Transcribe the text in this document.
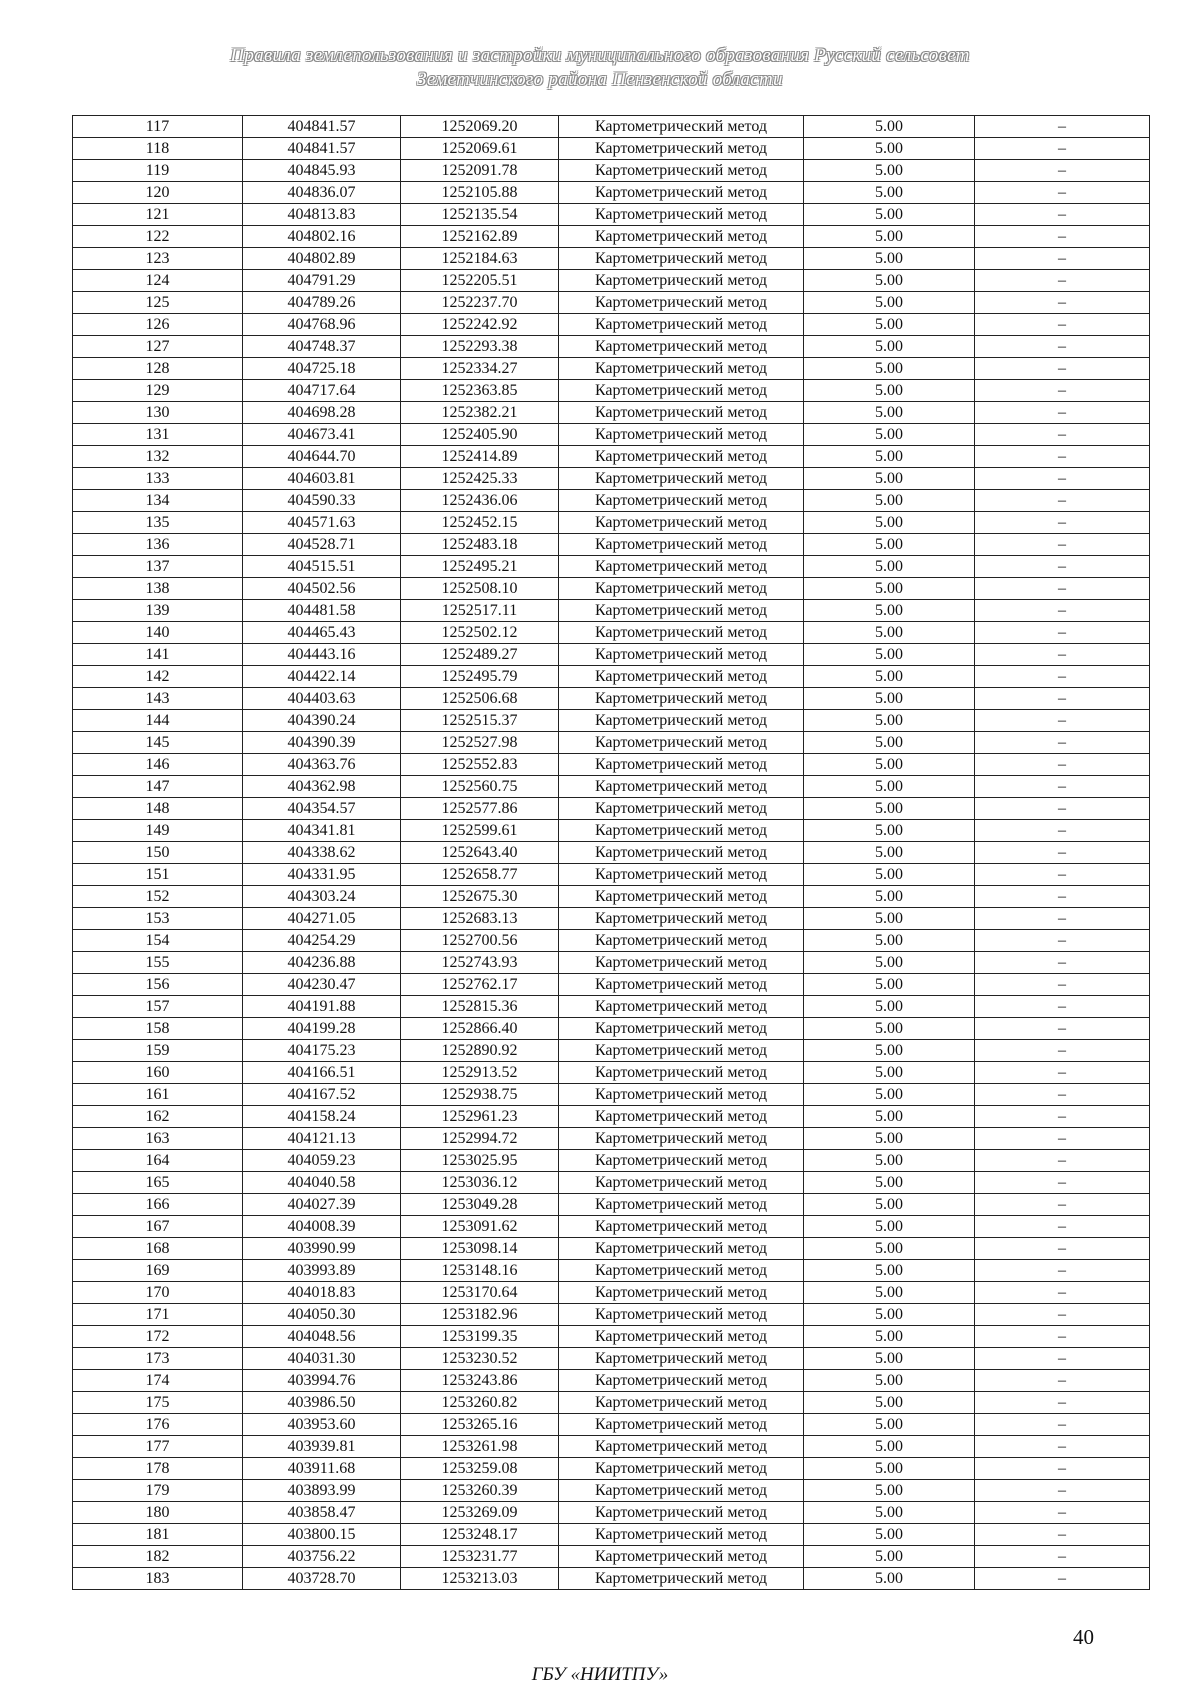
Правила землепользования и застройки муниципального образования Русский сельсовет
Земетчинского района Пензенской области
117	404841.57	1252069.20	Картометрический метод	5.00	–
118	404841.57	1252069.61	Картометрический метод	5.00	–
119	404845.93	1252091.78	Картометрический метод	5.00	–
120	404836.07	1252105.88	Картометрический метод	5.00	–
121	404813.83	1252135.54	Картометрический метод	5.00	–
122	404802.16	1252162.89	Картометрический метод	5.00	–
123	404802.89	1252184.63	Картометрический метод	5.00	–
124	404791.29	1252205.51	Картометрический метод	5.00	–
125	404789.26	1252237.70	Картометрический метод	5.00	–
126	404768.96	1252242.92	Картометрический метод	5.00	–
127	404748.37	1252293.38	Картометрический метод	5.00	–
128	404725.18	1252334.27	Картометрический метод	5.00	–
129	404717.64	1252363.85	Картометрический метод	5.00	–
130	404698.28	1252382.21	Картометрический метод	5.00	–
131	404673.41	1252405.90	Картометрический метод	5.00	–
132	404644.70	1252414.89	Картометрический метод	5.00	–
133	404603.81	1252425.33	Картометрический метод	5.00	–
134	404590.33	1252436.06	Картометрический метод	5.00	–
135	404571.63	1252452.15	Картометрический метод	5.00	–
136	404528.71	1252483.18	Картометрический метод	5.00	–
137	404515.51	1252495.21	Картометрический метод	5.00	–
138	404502.56	1252508.10	Картометрический метод	5.00	–
139	404481.58	1252517.11	Картометрический метод	5.00	–
140	404465.43	1252502.12	Картометрический метод	5.00	–
141	404443.16	1252489.27	Картометрический метод	5.00	–
142	404422.14	1252495.79	Картометрический метод	5.00	–
143	404403.63	1252506.68	Картометрический метод	5.00	–
144	404390.24	1252515.37	Картометрический метод	5.00	–
145	404390.39	1252527.98	Картометрический метод	5.00	–
146	404363.76	1252552.83	Картометрический метод	5.00	–
147	404362.98	1252560.75	Картометрический метод	5.00	–
148	404354.57	1252577.86	Картометрический метод	5.00	–
149	404341.81	1252599.61	Картометрический метод	5.00	–
150	404338.62	1252643.40	Картометрический метод	5.00	–
151	404331.95	1252658.77	Картометрический метод	5.00	–
152	404303.24	1252675.30	Картометрический метод	5.00	–
153	404271.05	1252683.13	Картометрический метод	5.00	–
154	404254.29	1252700.56	Картометрический метод	5.00	–
155	404236.88	1252743.93	Картометрический метод	5.00	–
156	404230.47	1252762.17	Картометрический метод	5.00	–
157	404191.88	1252815.36	Картометрический метод	5.00	–
158	404199.28	1252866.40	Картометрический метод	5.00	–
159	404175.23	1252890.92	Картометрический метод	5.00	–
160	404166.51	1252913.52	Картометрический метод	5.00	–
161	404167.52	1252938.75	Картометрический метод	5.00	–
162	404158.24	1252961.23	Картометрический метод	5.00	–
163	404121.13	1252994.72	Картометрический метод	5.00	–
164	404059.23	1253025.95	Картометрический метод	5.00	–
165	404040.58	1253036.12	Картометрический метод	5.00	–
166	404027.39	1253049.28	Картометрический метод	5.00	–
167	404008.39	1253091.62	Картометрический метод	5.00	–
168	403990.99	1253098.14	Картометрический метод	5.00	–
169	403993.89	1253148.16	Картометрический метод	5.00	–
170	404018.83	1253170.64	Картометрический метод	5.00	–
171	404050.30	1253182.96	Картометрический метод	5.00	–
172	404048.56	1253199.35	Картометрический метод	5.00	–
173	404031.30	1253230.52	Картометрический метод	5.00	–
174	403994.76	1253243.86	Картометрический метод	5.00	–
175	403986.50	1253260.82	Картометрический метод	5.00	–
176	403953.60	1253265.16	Картометрический метод	5.00	–
177	403939.81	1253261.98	Картометрический метод	5.00	–
178	403911.68	1253259.08	Картометрический метод	5.00	–
179	403893.99	1253260.39	Картометрический метод	5.00	–
180	403858.47	1253269.09	Картометрический метод	5.00	–
181	403800.15	1253248.17	Картометрический метод	5.00	–
182	403756.22	1253231.77	Картометрический метод	5.00	–
183	403728.70	1253213.03	Картометрический метод	5.00	–
40
ГБУ «НИИТПУ»
